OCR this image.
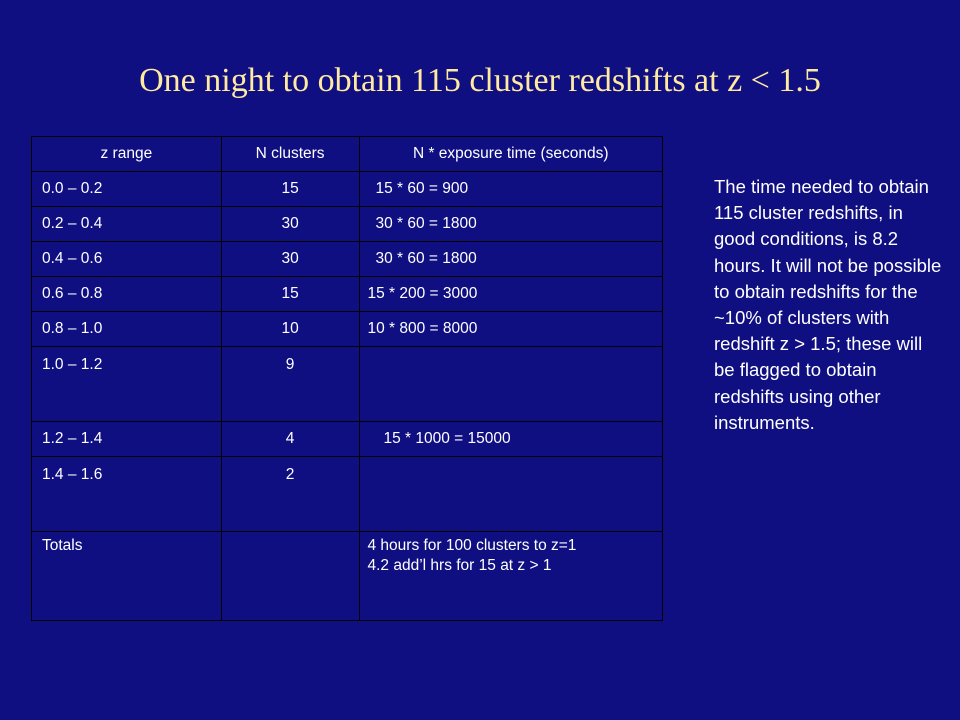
One night to obtain 115 cluster redshifts at z < 1.5
z range	N clusters	N * exposure time (seconds)
0.0 – 0.2	15	15 * 60 = 900
0.2 – 0.4	30	30 * 60 = 1800
0.4 – 0.6	30	30 * 60 = 1800
0.6 – 0.8	15	15 * 200 = 3000
0.8 – 1.0	10	10 * 800 = 8000
1.0 – 1.2	9	
1.2 – 1.4	4	15 * 1000 = 15000
1.4 – 1.6	2	
Totals		4 hours for 100 clusters to z=1
4.2 add’l hrs for 15 at z > 1
The time needed to obtain 115 cluster redshifts, in good conditions, is 8.2 hours. It will not be possible to obtain redshifts for the ~10% of clusters with redshift z > 1.5; these will be flagged to obtain redshifts using other instruments.
